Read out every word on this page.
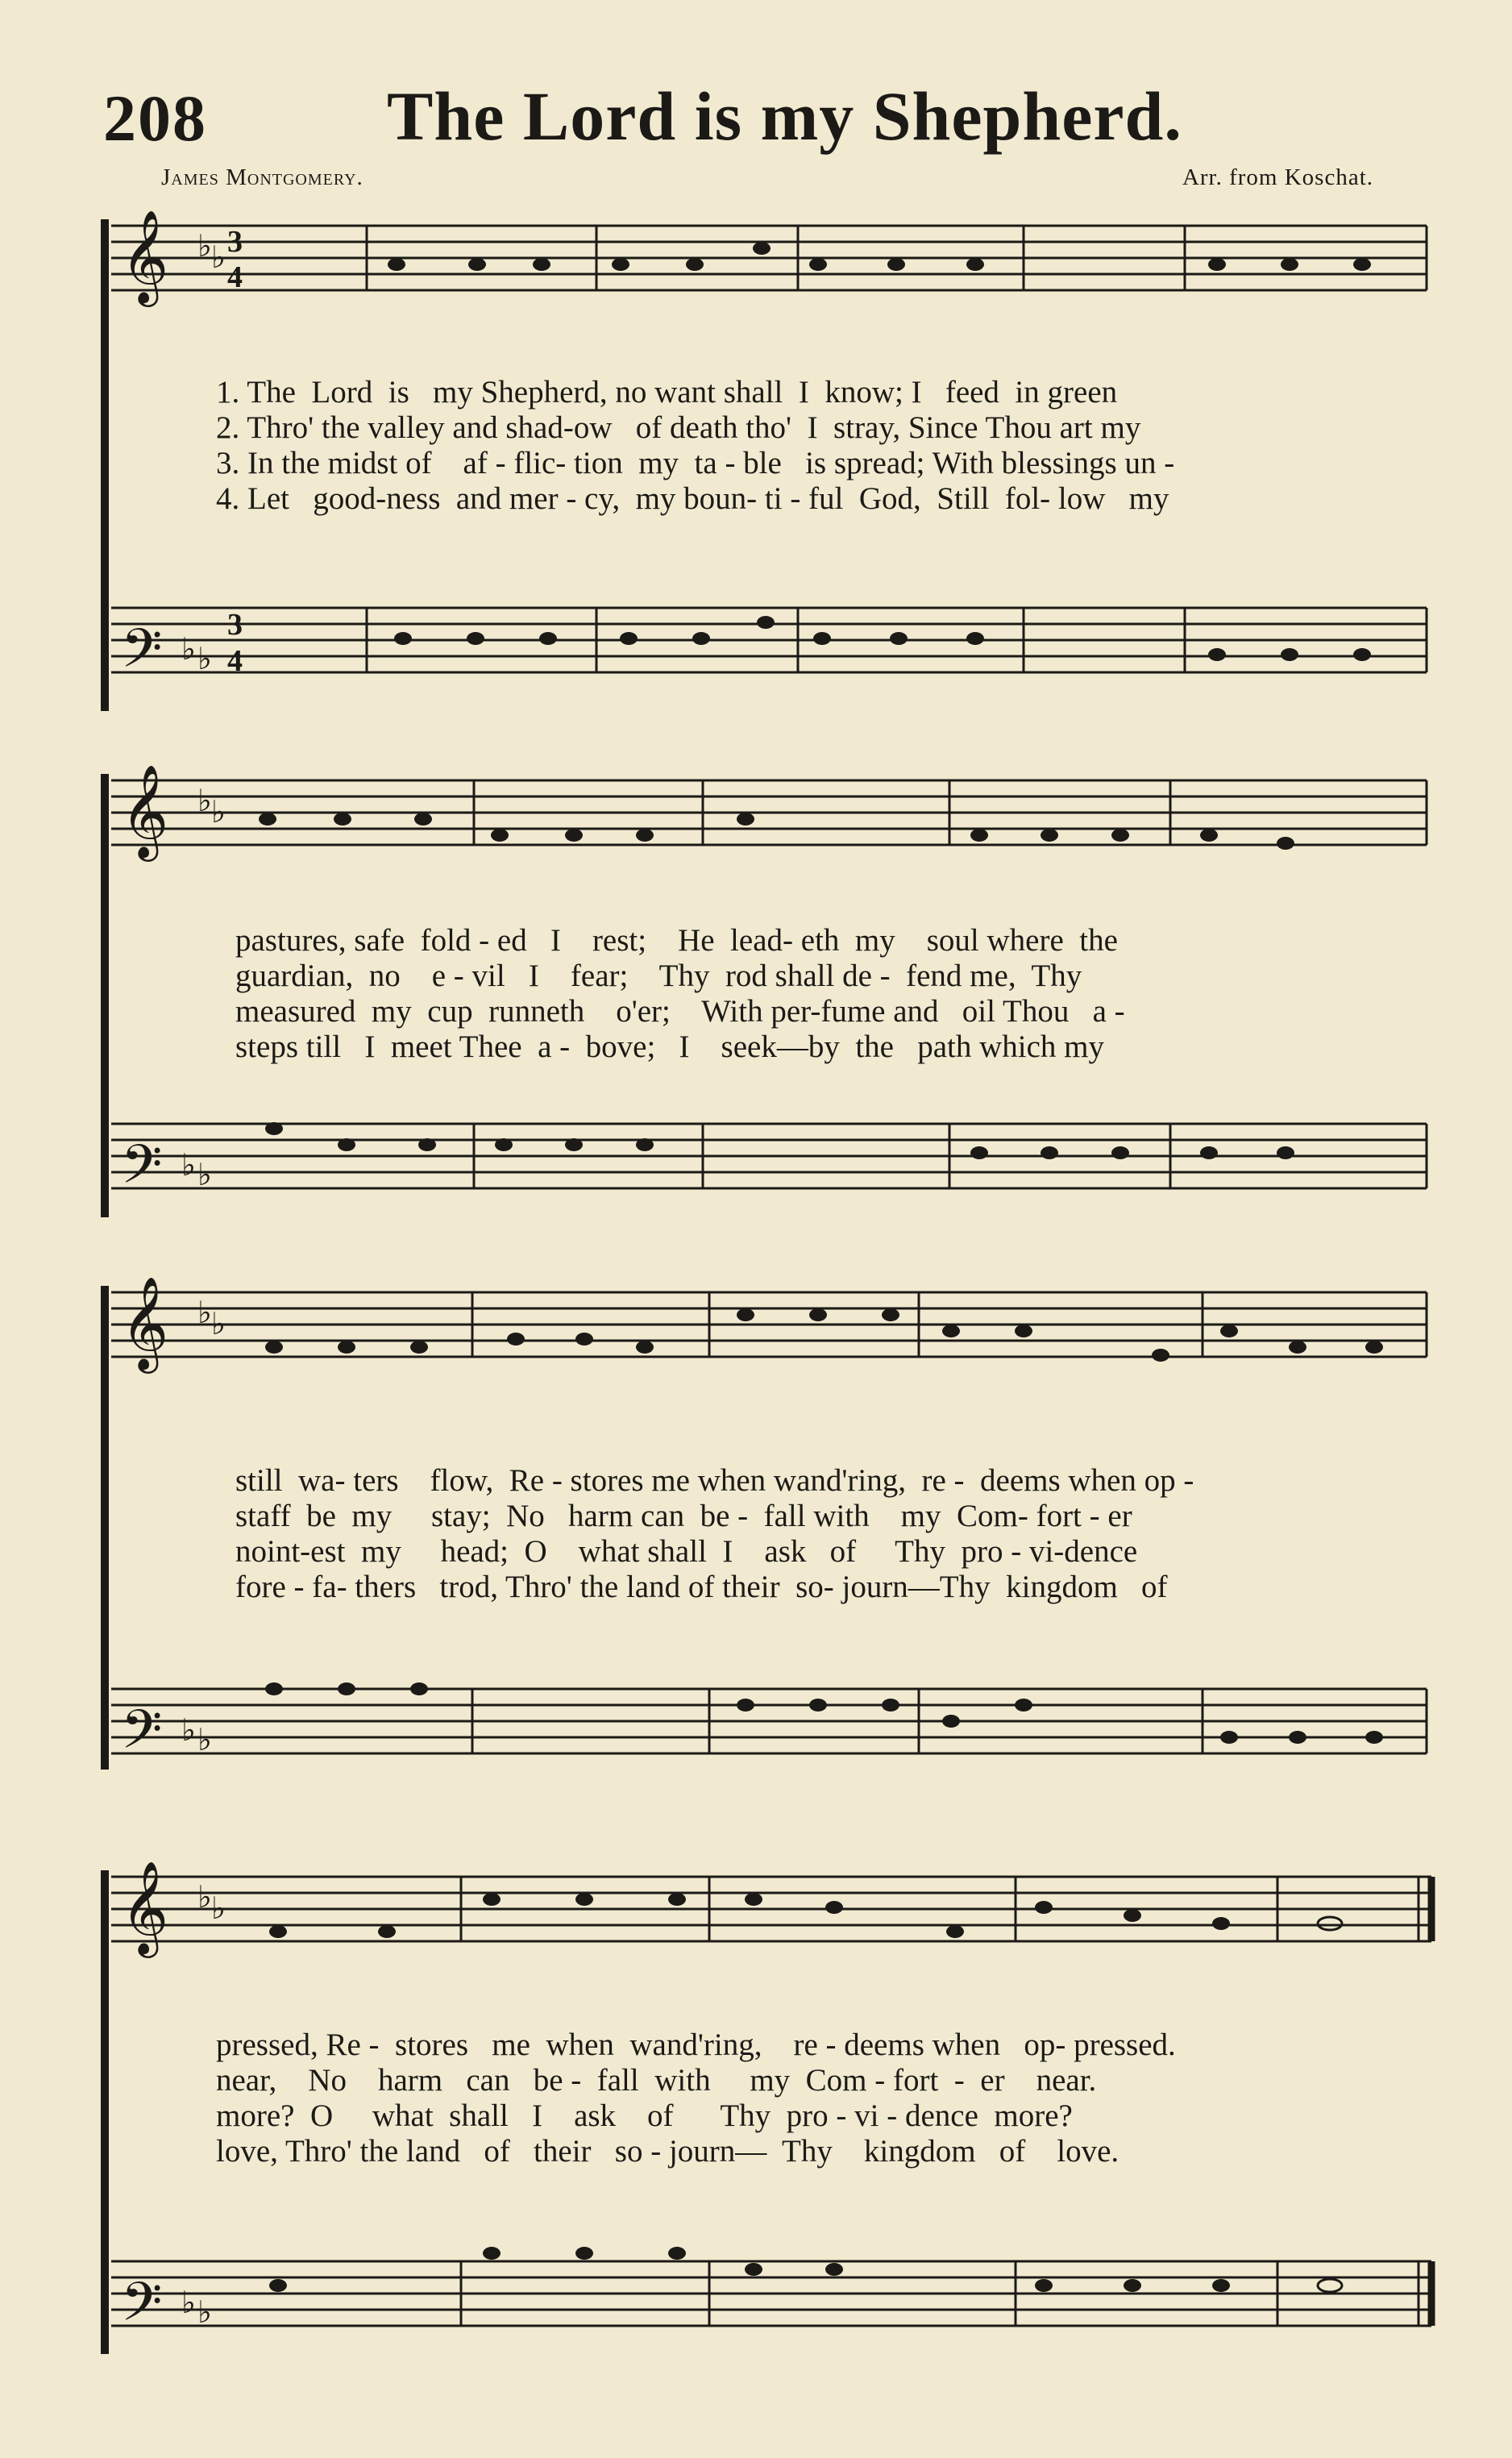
208	The Lord is my Shepherd.
James Montgomery.	Arr. from Koschat.
𝄞
𝄢
♭ ♭ 3
4
♭ ♭
3
4
1. The  Lord  is   my Shepherd, no want shall  I  know; I   feed  in green
2. Thro' the valley and shad-ow   of death tho'  I  stray, Since Thou art my
3. In the midst of    af - flic- tion  my  ta - ble   is spread; With blessings un -
4. Let   good-ness  and mer - cy,  my boun- ti - ful  God,  Still  fol- low   my
𝄞
𝄢
♭ ♭
♭ ♭
pastures, safe  fold - ed   I    rest;    He  lead- eth  my    soul where  the
guardian,  no    e - vil   I    fear;    Thy  rod shall de -  fend me,  Thy
measured  my  cup  runneth    o'er;    With per-fume and   oil Thou   a -
steps till   I  meet Thee  a -  bove;   I    seek—by  the   path which my
𝄞
𝄢
♭ ♭
♭ ♭
still  wa- ters    flow,  Re - stores me when wand'ring,  re -  deems when op -
staff  be  my     stay;  No   harm can  be -  fall with    my  Com- fort - er
noint-est  my     head;  O    what shall  I    ask   of     Thy  pro - vi-dence
fore - fa- thers   trod, Thro' the land of their  so- journ—Thy  kingdom   of
𝄞
𝄢
♭ ♭
♭ ♭
pressed, Re -  stores   me  when  wand'ring,    re - deems when   op- pressed.
near,    No    harm   can   be -  fall  with     my  Com - fort  -  er    near.
more?  O     what  shall   I    ask    of      Thy  pro - vi - dence  more?
love, Thro' the land   of   their   so - journ—  Thy    kingdom   of    love.
